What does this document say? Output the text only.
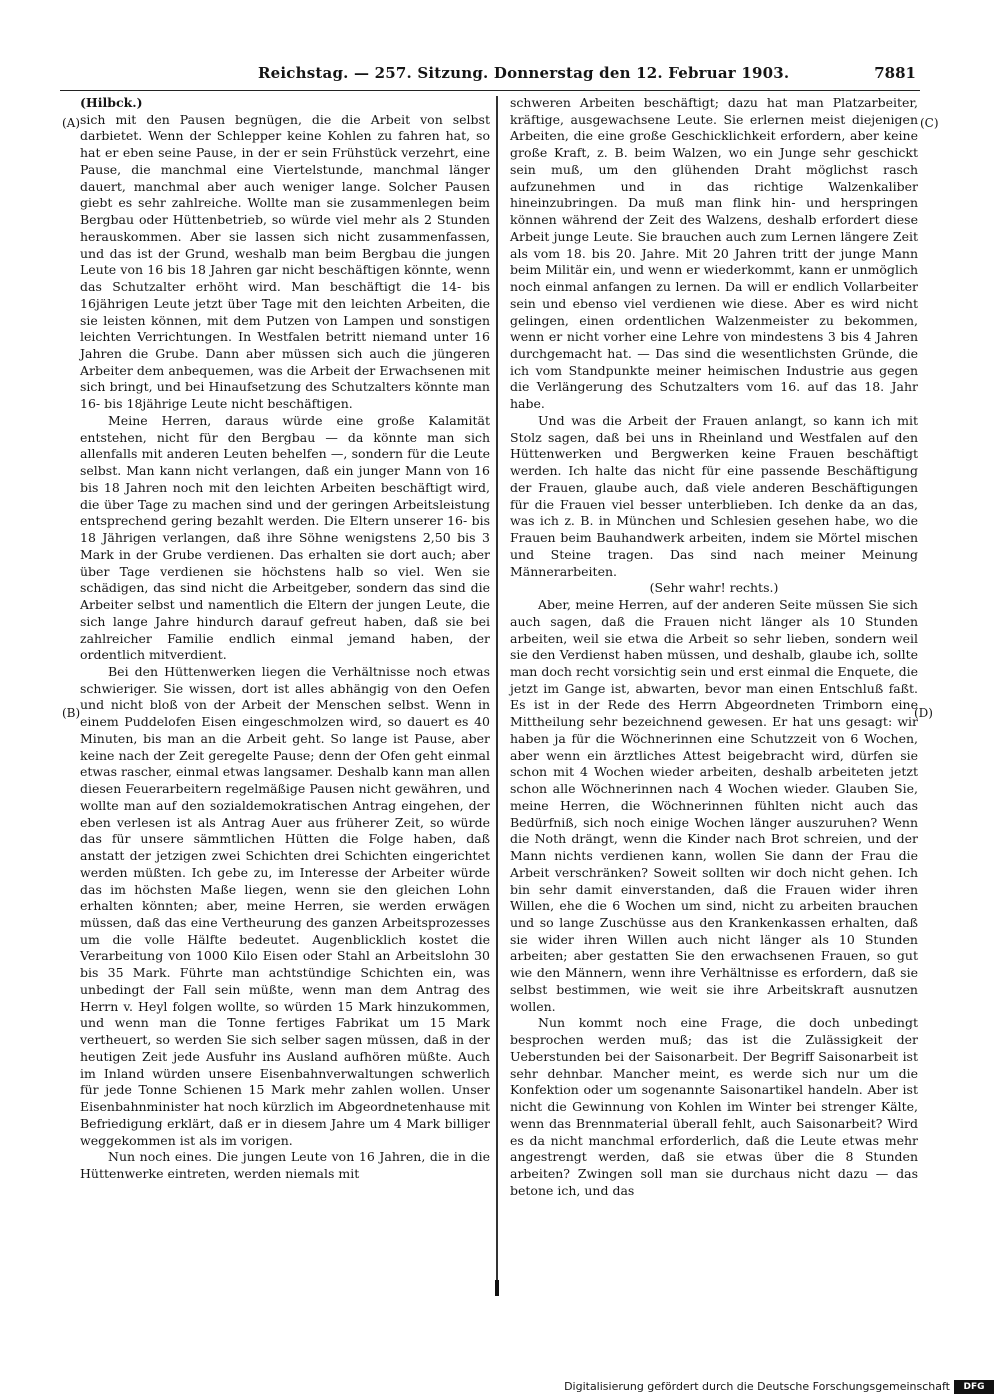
Reichstag. — 257. Sitzung. Donnerstag den 12. Februar 1903.	7881
(A)
(B)
(C)
(D)

(Hilbck.)

sich mit den Pausen begnügen, die die Arbeit von selbst darbietet. Wenn der Schlepper keine Kohlen zu fahren hat, so hat er eben seine Pause, in der er sein Frühstück verzehrt, eine Pause, die manchmal eine Viertelstunde, manchmal länger dauert, manchmal aber auch weniger lange. Solcher Pausen giebt es sehr zahlreiche. Wollte man sie zusammenlegen beim Bergbau oder Hüttenbetrieb, so würde viel mehr als 2 Stunden herauskommen. Aber sie lassen sich nicht zusammenfassen, und das ist der Grund, weshalb man beim Bergbau die jungen Leute von 16 bis 18 Jahren gar nicht beschäftigen könnte, wenn das Schutzalter erhöht wird. Man beschäftigt die 14- bis 16jährigen Leute jetzt über Tage mit den leichten Arbeiten, die sie leisten können, mit dem Putzen von Lampen und sonstigen leichten Verrichtungen. In Westfalen betritt niemand unter 16 Jahren die Grube. Dann aber müssen sich auch die jüngeren Arbeiter dem anbequemen, was die Arbeit der Erwachsenen mit sich bringt, und bei Hinaufsetzung des Schutzalters könnte man 16- bis 18jährige Leute nicht beschäftigen.

Meine Herren, daraus würde eine große Kalamität entstehen, nicht für den Bergbau — da könnte man sich allenfalls mit anderen Leuten behelfen —, sondern für die Leute selbst. Man kann nicht verlangen, daß ein junger Mann von 16 bis 18 Jahren noch mit den leichten Arbeiten beschäftigt wird, die über Tage zu machen sind und der geringen Arbeitsleistung entsprechend gering bezahlt werden. Die Eltern unserer 16- bis 18 Jährigen verlangen, daß ihre Söhne wenigstens 2,50 bis 3 Mark in der Grube verdienen. Das erhalten sie dort auch; aber über Tage verdienen sie höchstens halb so viel. Wen sie schädigen, das sind nicht die Arbeitgeber, sondern das sind die Arbeiter selbst und namentlich die Eltern der jungen Leute, die sich lange Jahre hindurch darauf gefreut haben, daß sie bei zahlreicher Familie endlich einmal jemand haben, der ordentlich mitverdient.

Bei den Hüttenwerken liegen die Verhältnisse noch etwas schwieriger. Sie wissen, dort ist alles abhängig von den Oefen und nicht bloß von der Arbeit der Menschen selbst. Wenn in einem Puddelofen Eisen eingeschmolzen wird, so dauert es 40 Minuten, bis man an die Arbeit geht. So lange ist Pause, aber keine nach der Zeit geregelte Pause; denn der Ofen geht einmal etwas rascher, einmal etwas langsamer. Deshalb kann man allen diesen Feuerarbeitern regelmäßige Pausen nicht gewähren, und wollte man auf den sozialdemokratischen Antrag eingehen, der eben verlesen ist als Antrag Auer aus früherer Zeit, so würde das für unsere sämmtlichen Hütten die Folge haben, daß anstatt der jetzigen zwei Schichten drei Schichten eingerichtet werden müßten. Ich gebe zu, im Interesse der Arbeiter würde das im höchsten Maße liegen, wenn sie den gleichen Lohn erhalten könnten; aber, meine Herren, sie werden erwägen müssen, daß das eine Vertheurung des ganzen Arbeitsprozesses um die volle Hälfte bedeutet. Augenblicklich kostet die Verarbeitung von 1000 Kilo Eisen oder Stahl an Arbeitslohn 30 bis 35 Mark. Führte man achtstündige Schichten ein, was unbedingt der Fall sein müßte, wenn man dem Antrag des Herrn v. Heyl folgen wollte, so würden 15 Mark hinzukommen, und wenn man die Tonne fertiges Fabrikat um 15 Mark vertheuert, so werden Sie sich selber sagen müssen, daß in der heutigen Zeit jede Ausfuhr ins Ausland aufhören müßte. Auch im Inland würden unsere Eisenbahnverwaltungen schwerlich für jede Tonne Schienen 15 Mark mehr zahlen wollen. Unser Eisenbahnminister hat noch kürzlich im Abgeordnetenhause mit Befriedigung erklärt, daß er in diesem Jahre um 4 Mark billiger weggekommen ist als im vorigen.

Nun noch eines. Die jungen Leute von 16 Jahren, die in die Hüttenwerke eintreten, werden niemals mit

schweren Arbeiten beschäftigt; dazu hat man Platzarbeiter, kräftige, ausgewachsene Leute. Sie erlernen meist diejenigen Arbeiten, die eine große Geschicklichkeit erfordern, aber keine große Kraft, z. B. beim Walzen, wo ein Junge sehr geschickt sein muß, um den glühenden Draht möglichst rasch aufzunehmen und in das richtige Walzenkaliber hineinzubringen. Da muß man flink hin- und herspringen können während der Zeit des Walzens, deshalb erfordert diese Arbeit junge Leute. Sie brauchen auch zum Lernen längere Zeit als vom 18. bis 20. Jahre. Mit 20 Jahren tritt der junge Mann beim Militär ein, und wenn er wiederkommt, kann er unmöglich noch einmal anfangen zu lernen. Da will er endlich Vollarbeiter sein und ebenso viel verdienen wie diese. Aber es wird nicht gelingen, einen ordentlichen Walzenmeister zu bekommen, wenn er nicht vorher eine Lehre von mindestens 3 bis 4 Jahren durchgemacht hat. — Das sind die wesentlichsten Gründe, die ich vom Standpunkte meiner heimischen Industrie aus gegen die Verlängerung des Schutzalters vom 16. auf das 18. Jahr habe.

Und was die Arbeit der Frauen anlangt, so kann ich mit Stolz sagen, daß bei uns in Rheinland und Westfalen auf den Hüttenwerken und Bergwerken keine Frauen beschäftigt werden. Ich halte das nicht für eine passende Beschäftigung der Frauen, glaube auch, daß viele anderen Beschäftigungen für die Frauen viel besser unterblieben. Ich denke da an das, was ich z. B. in München und Schlesien gesehen habe, wo die Frauen beim Bauhandwerk arbeiten, indem sie Mörtel mischen und Steine tragen. Das sind nach meiner Meinung Männerarbeiten.

(Sehr wahr! rechts.)

Aber, meine Herren, auf der anderen Seite müssen Sie sich auch sagen, daß die Frauen nicht länger als 10 Stunden arbeiten, weil sie etwa die Arbeit so sehr lieben, sondern weil sie den Verdienst haben müssen, und deshalb, glaube ich, sollte man doch recht vorsichtig sein und erst einmal die Enquete, die jetzt im Gange ist, abwarten, bevor man einen Entschluß faßt. Es ist in der Rede des Herrn Abgeordneten Trimborn eine Mittheilung sehr bezeichnend gewesen. Er hat uns gesagt: wir haben ja für die Wöchnerinnen eine Schutzzeit von 6 Wochen, aber wenn ein ärztliches Attest beigebracht wird, dürfen sie schon mit 4 Wochen wieder arbeiten, deshalb arbeiteten jetzt schon alle Wöchnerinnen nach 4 Wochen wieder. Glauben Sie, meine Herren, die Wöchnerinnen fühlten nicht auch das Bedürfniß, sich noch einige Wochen länger auszuruhen? Wenn die Noth drängt, wenn die Kinder nach Brot schreien, und der Mann nichts verdienen kann, wollen Sie dann der Frau die Arbeit verschränken? Soweit sollten wir doch nicht gehen. Ich bin sehr damit einverstanden, daß die Frauen wider ihren Willen, ehe die 6 Wochen um sind, nicht zu arbeiten brauchen und so lange Zuschüsse aus den Krankenkassen erhalten, daß sie wider ihren Willen auch nicht länger als 10 Stunden arbeiten; aber gestatten Sie den erwachsenen Frauen, so gut wie den Männern, wenn ihre Verhältnisse es erfordern, daß sie selbst bestimmen, wie weit sie ihre Arbeitskraft ausnutzen wollen.

Nun kommt noch eine Frage, die doch unbedingt besprochen werden muß; das ist die Zulässigkeit der Ueberstunden bei der Saisonarbeit. Der Begriff Saisonarbeit ist sehr dehnbar. Mancher meint, es werde sich nur um die Konfektion oder um sogenannte Saisonartikel handeln. Aber ist nicht die Gewinnung von Kohlen im Winter bei strenger Kälte, wenn das Brennmaterial überall fehlt, auch Saisonarbeit? Wird es da nicht manchmal erforderlich, daß die Leute etwas mehr angestrengt werden, daß sie etwas über die 8 Stunden arbeiten? Zwingen soll man sie durchaus nicht dazu — das betone ich, und das

Digitalisierung gefördert durch die Deutsche Forschungsgemeinschaft	DFG
